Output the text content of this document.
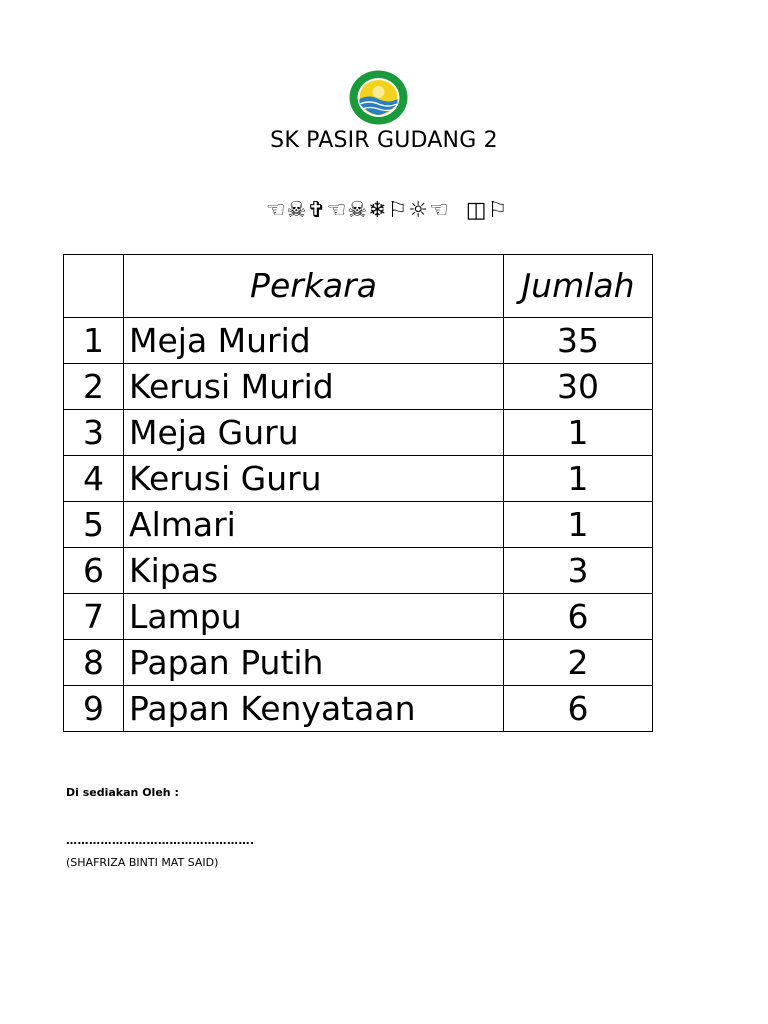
SK PASIR GUDANG 2
☜☠✞☜☠❄⚐☼☜  ◫⚐
	Perkara	Jumlah
1	Meja Murid	35
2	Kerusi Murid	30
3	Meja Guru	1
4	Kerusi Guru	1
5	Almari	1
6	Kipas	3
7	Lampu	6
8	Papan Putih	2
9	Papan Kenyataan	6
Di sediakan Oleh :
………………………………………….
(SHAFRIZA BINTI MAT SAID)
